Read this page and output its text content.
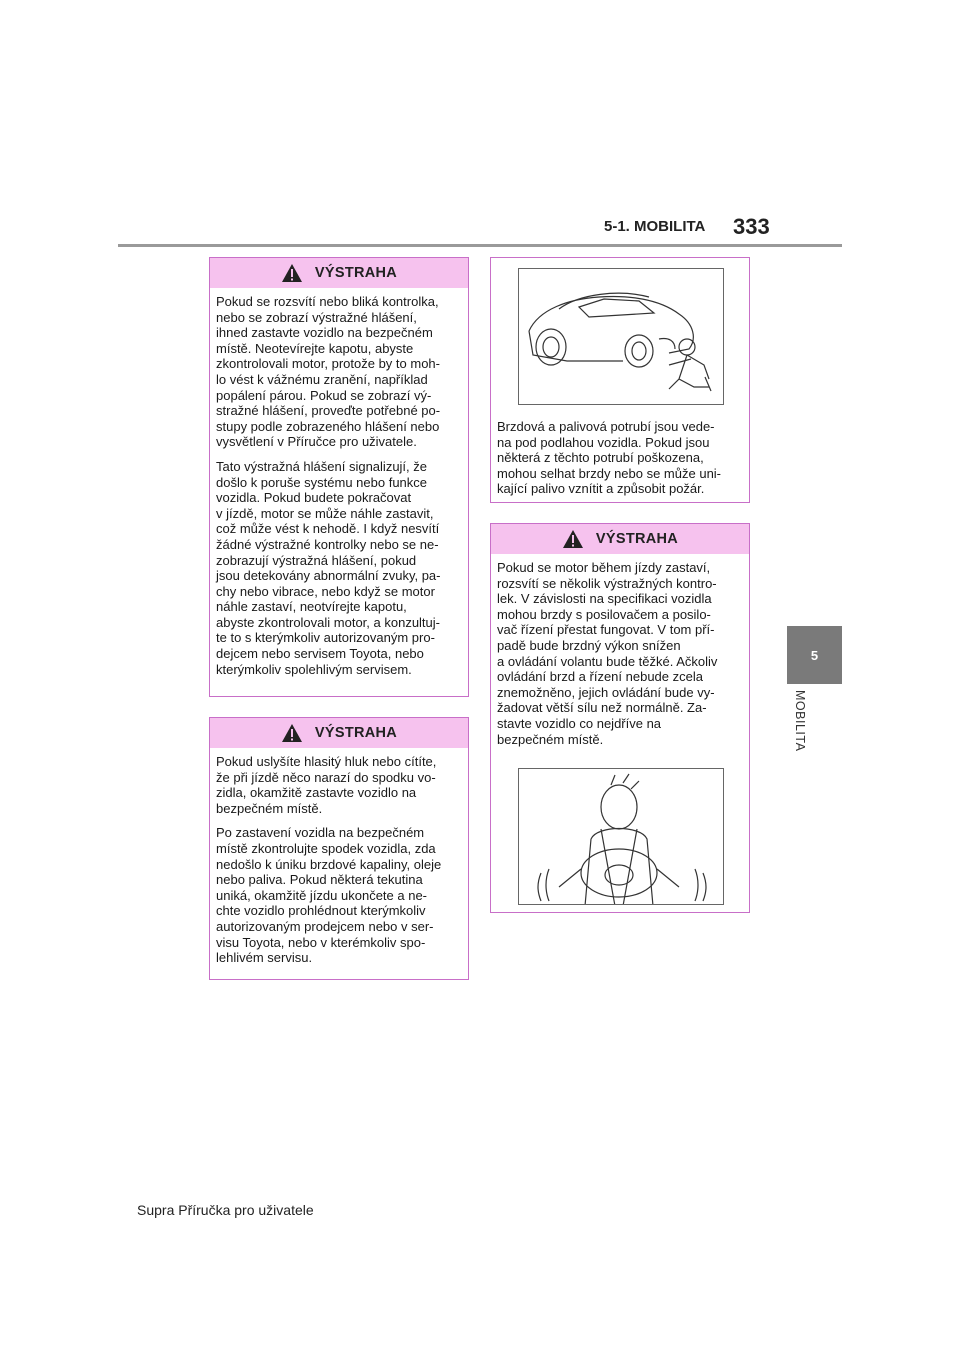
5-1. MOBILITA 333
5
MOBILITA
VÝSTRAHA

Pokud se rozsvítí nebo bliká kontrolka,
nebo se zobrazí výstražné hlášení,
ihned zastavte vozidlo na bezpečném
místě. Neotevírejte kapotu, abyste
zkontrolovali motor, protože by to moh-
lo vést k vážnému zranění, například
popálení párou. Pokud se zobrazí vý-
stražné hlášení, proveďte potřebné po-
stupy podle zobrazeného hlášení nebo
vysvětlení v Příručce pro uživatele.

Tato výstražná hlášení signalizují, že
došlo k poruše systému nebo funkce
vozidla. Pokud budete pokračovat
v jízdě, motor se může náhle zastavit,
což může vést k nehodě. I když nesvítí
žádné výstražné kontrolky nebo se ne-
zobrazují výstražná hlášení, pokud
jsou detekovány abnormální zvuky, pa-
chy nebo vibrace, nebo když se motor
náhle zastaví, neotvírejte kapotu,
abyste zkontrolovali motor, a konzultuj-
te to s kterýmkoliv autorizovaným pro-
dejcem nebo servisem Toyota, nebo
kterýmkoliv spolehlivým servisem.

VÝSTRAHA

Pokud uslyšíte hlasitý hluk nebo cítíte,
že při jízdě něco narazí do spodku vo-
zidla, okamžitě zastavte vozidlo na
bezpečném místě.

Po zastavení vozidla na bezpečném
místě zkontrolujte spodek vozidla, zda
nedošlo k úniku brzdové kapaliny, oleje
nebo paliva. Pokud některá tekutina
uniká, okamžitě jízdu ukončete a ne-
chte vozidlo prohlédnout kterýmkoliv
autorizovaným prodejcem nebo v ser-
visu Toyota, nebo v kterémkoliv spo-
lehlivém servisu.

Brzdová a palivová potrubí jsou vede-
na pod podlahou vozidla. Pokud jsou
některá z těchto potrubí poškozena,
mohou selhat brzdy nebo se může uni-
kající palivo vznítit a způsobit požár.

VÝSTRAHA

Pokud se motor během jízdy zastaví,
rozsvítí se několik výstražných kontro-
lek. V závislosti na specifikaci vozidla
mohou brzdy s posilovačem a posilo-
vač řízení přestat fungovat. V tom pří-
padě bude brzdný výkon snížen
a ovládání volantu bude těžké. Ačkoliv
ovládání brzd a řízení nebude zcela
znemožněno, jejich ovládání bude vy-
žadovat větší sílu než normálně. Za-
stavte vozidlo co nejdříve na
bezpečném místě.

Supra Příručka pro uživatele
